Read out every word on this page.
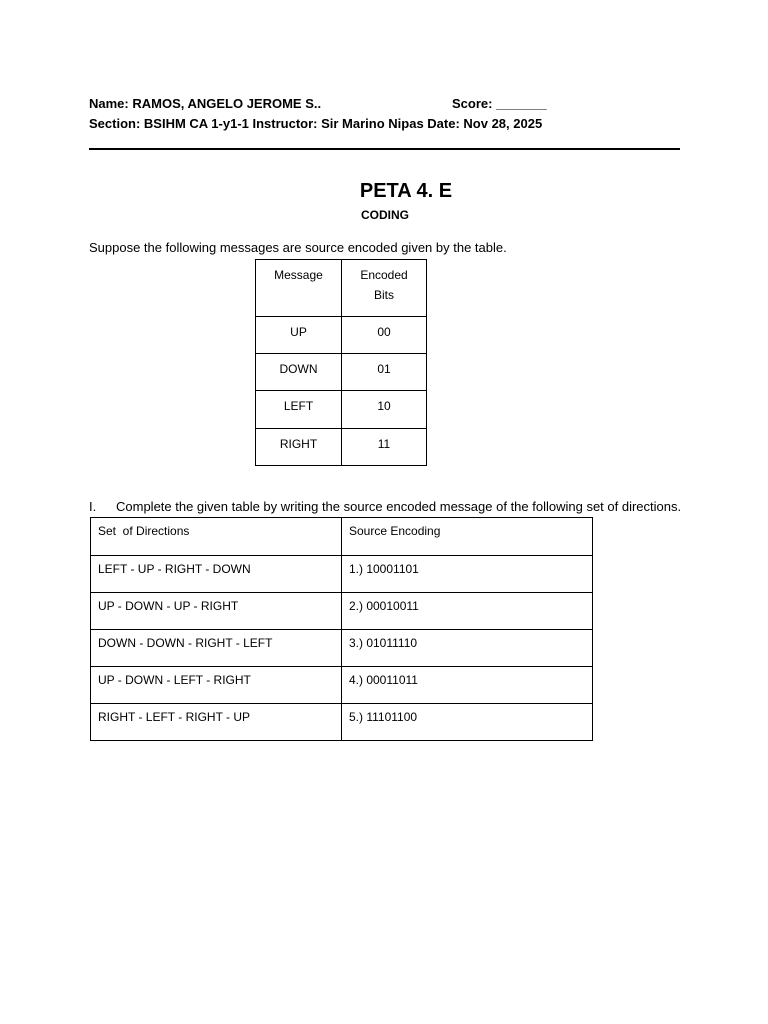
Name: RAMOS, ANGELO JEROME S..	Score: _______
Section: BSIHM CA 1-y1-1 Instructor: Sir Marino Nipas Date: Nov 28, 2025
PETA 4. E
CODING
Suppose the following messages are source encoded given by the table.
Message	Encoded Bits
UP	00
DOWN	01
LEFT	10
RIGHT	11
I. Complete the given table by writing the source encoded message of the following set of directions.
Set  of Directions	Source Encoding
LEFT - UP - RIGHT - DOWN	1.) 10001101
UP - DOWN - UP - RIGHT	2.) 00010011
DOWN - DOWN - RIGHT - LEFT	3.) 01011110
UP - DOWN - LEFT - RIGHT	4.) 00011011
RIGHT - LEFT - RIGHT - UP	5.) 11101100
